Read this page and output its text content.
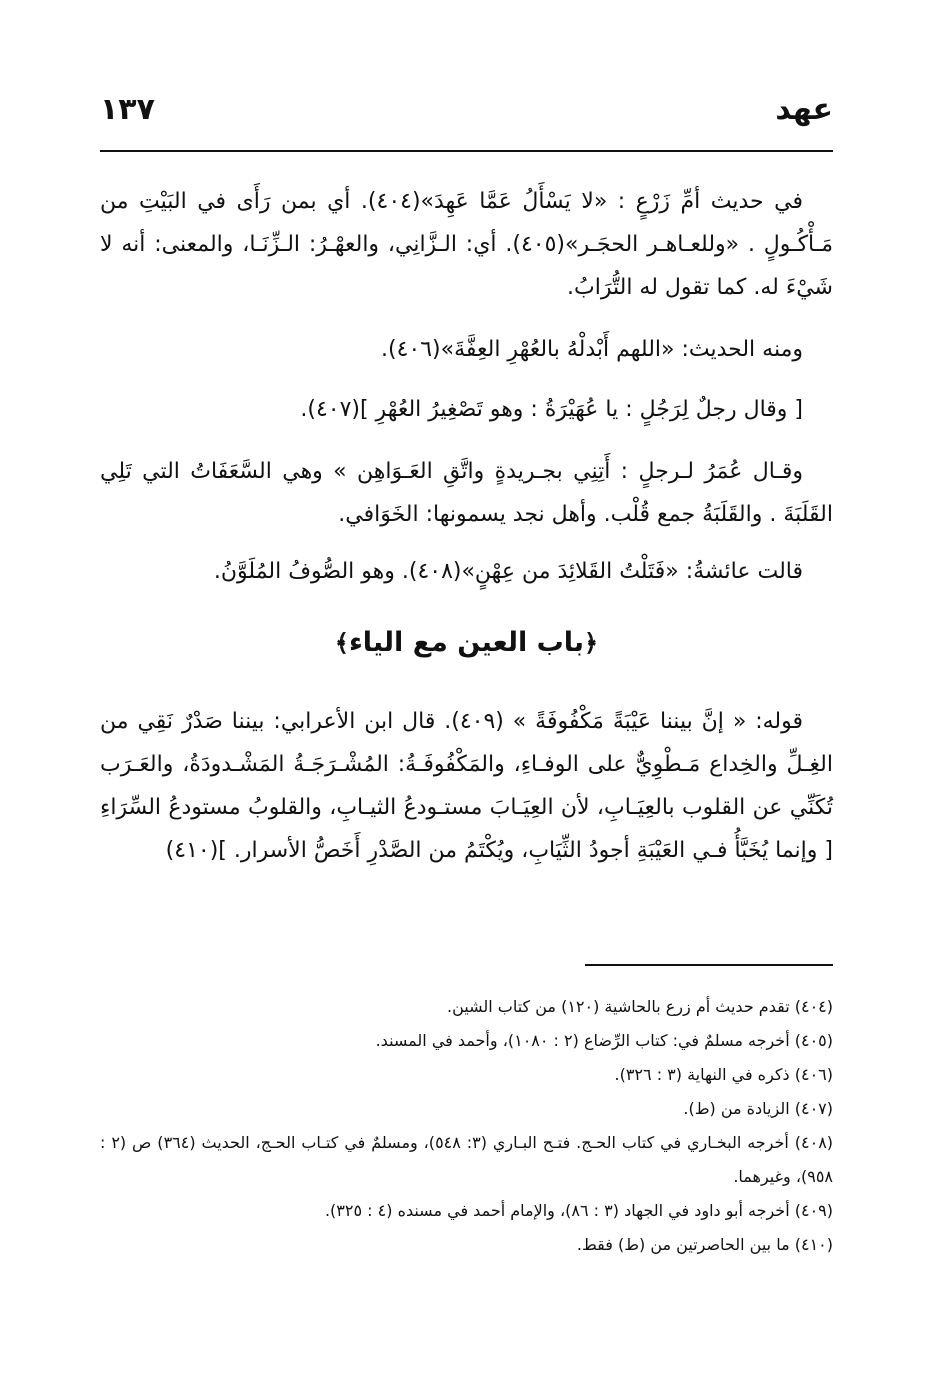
عهد
١٣٧
في حديث أمِّ زَرْعٍ : «لا يَسْأَلُ عَمَّا عَهِدَ»(٤٠٤). أي بمن رَأَى في البَيْتِ من مَـأْكُـولٍ . «وللعـاهـر الحجَـر»(٤٠٥). أي: الـزَّانِي، والعهْـرُ: الـزِّنَـا، والمعنى: أنه لا شَيْءَ له. كما تقول له التُّرَابُ.
ومنه الحديث: «اللهم أَبْدلْهُ بالعُهْرِ العِفَّةَ»(٤٠٦).
[ وقال رجلٌ لِرَجُلٍ : يا عُهَيْرَةُ : وهو تَصْغِيرُ العُهْرِ ](٤٠٧).
وقـال عُمَرُ لـرجلٍ : أَتِنِي بجـريدةٍ واتَّقِ العَـوَاهِن » وهي السَّعَفَاتُ التي تَلِي القَلَبَةَ . والقَلَبَةُ جمع قُلْب. وأهل نجد يسمونها: الخَوَافي.
قالت عائشةُ: «فَتَلْتُ القَلائِدَ من عِهْنٍ»(٤٠٨). وهو الصُّوفُ المُلَوَّنُ.
﴿باب العين مع الياء﴾
قوله: « إنَّ بيننا عَيْبَةً مَكْفُوفَةً » (٤٠٩). قال ابن الأعرابي: بيننا صَدْرٌ نَقِي من الغِـلِّ والخِداع مَـطْوِيٌّ على الوفـاءِ، والمَكْفُوفَـةُ: المُشْـرَجَـةُ المَشْـدودَةُ، والعَـرَب تُكَنِّي عن القلوب بالعِيَـابِ، لأن العِيَـابَ مستـودعُ الثيـابِ، والقلوبُ مستودعُ السِّرَاءِ [ وإنما يُخَبَّأُ فـي العَيْبَةِ أجودُ الثِّيَابِ، ويُكْتَمُ من الصَّدْرِ أَخَصُّ الأسرار. ](٤١٠)
(٤٠٤) تقدم حديث أم زرع بالحاشية (١٢٠) من كتاب الشين.
(٤٠٥) أخرجه مسلمٌ في: كتاب الرِّضاع (٢ : ١٠٨٠)، وأحمد في المسند.
(٤٠٦) ذكره في النهاية (٣ : ٣٢٦).
(٤٠٧) الزيادة من (ط).
(٤٠٨) أخرجه البخـاري في كتاب الحـج. فتـح البـاري (٣: ٥٤٨)، ومسلمٌ في كتـاب الحـج، الحديث (٣٦٤) ص (٢ : ٩٥٨)، وغيرهما.
(٤٠٩) أخرجه أبو داود في الجهاد (٣ : ٨٦)، والإمام أحمد في مسنده (٤ : ٣٢٥).
(٤١٠) ما بين الحاصرتين من (ط) فقط.
